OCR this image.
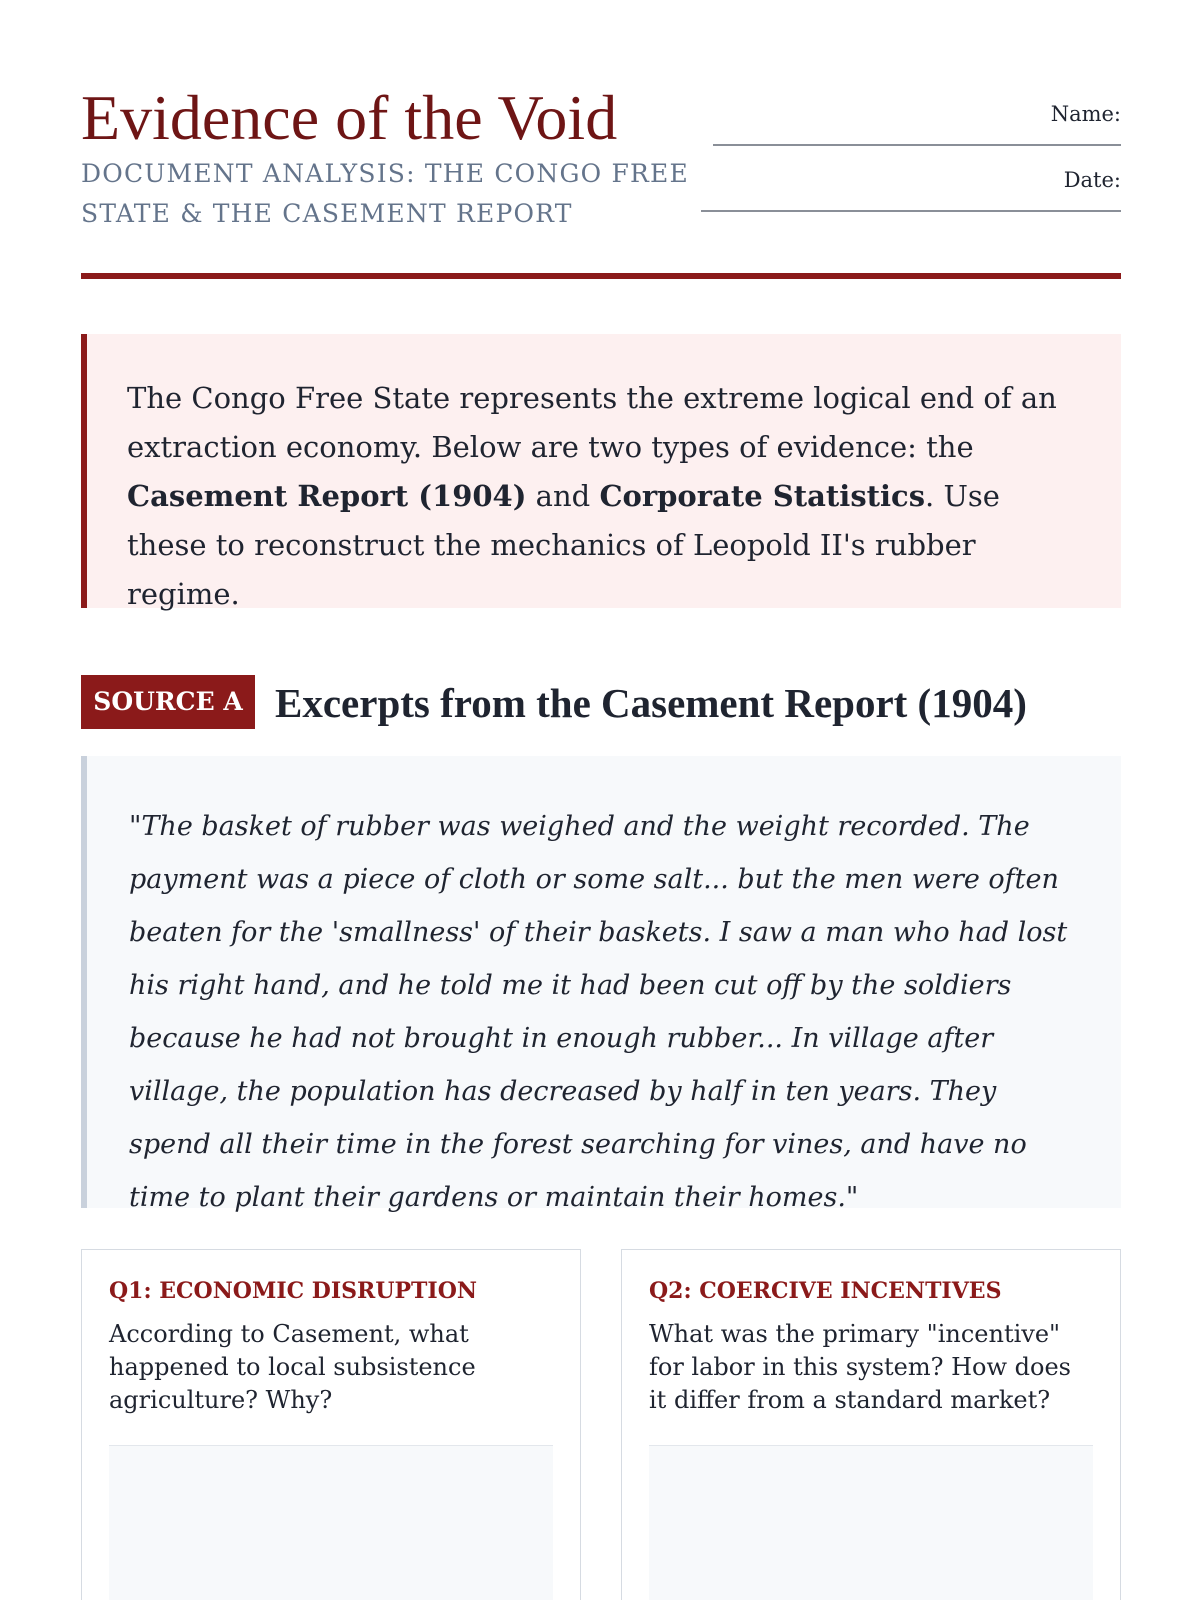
Evidence of the Void
DOCUMENT ANALYSIS: THE CONGO FREE STATE & THE CASEMENT REPORT
Name:
Date:

The Congo Free State represents the extreme logical end of an extraction economy. Below are two types of evidence: the Casement Report (1904) and Corporate Statistics. Use these to reconstruct the mechanics of Leopold II's rubber regime.

SOURCE A Excerpts from the Casement Report (1904)

"The basket of rubber was weighed and the weight recorded. The payment was a piece of cloth or some salt... but the men were often beaten for the 'smallness' of their baskets. I saw a man who had lost his right hand, and he told me it had been cut off by the soldiers because he had not brought in enough rubber... In village after village, the population has decreased by half in ten years. They spend all their time in the forest searching for vines, and have no time to plant their gardens or maintain their homes."

Q1: ECONOMIC DISRUPTION
According to Casement, what happened to local subsistence agriculture? Why?
Q2: COERCIVE INCENTIVES
What was the primary "incentive" for labor in this system? How does it differ from a standard market?
